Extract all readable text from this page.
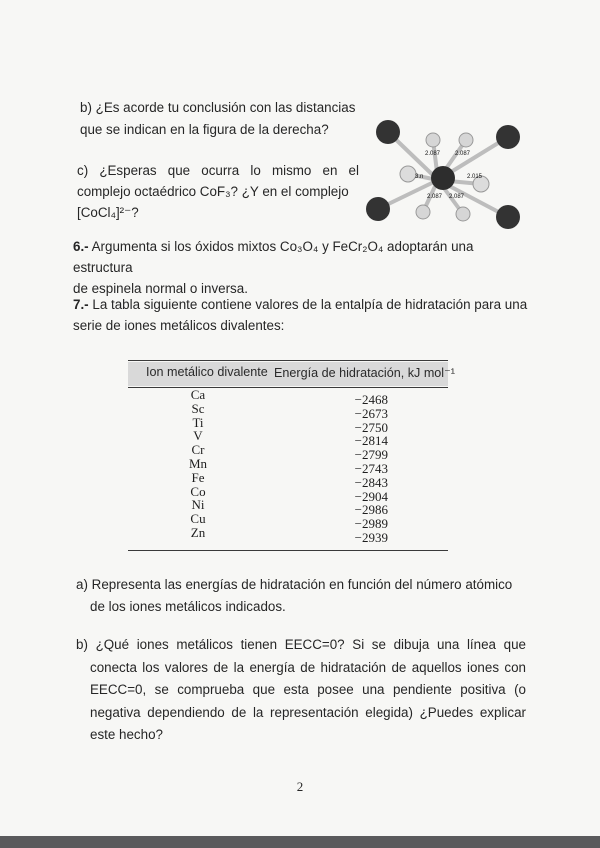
b) ¿Es acorde tu conclusión con las distancias
que se indican en la figura de la derecha?
c) ¿Esperas que ocurra lo mismo en el
complejo octaédrico CoF₃? ¿Y en el complejo
[CoCl₄]²⁻?
2.087 2.087
2.015
2.087 2.087
3.n
6.- Argumenta si los óxidos mixtos Co₃O₄ y FeCr₂O₄ adoptarán una estructura
de espinela normal o inversa.
7.- La tabla siguiente contiene valores de la entalpía de hidratación para una
serie de iones metálicos divalentes:
Ion metálico divalente Energía de hidratación, kJ mol⁻¹
Ca	−2468
Sc	−2673
Ti	−2750
V	−2814
Cr	−2799
Mn	−2743
Fe	−2843
Co	−2904
Ni	−2986
Cu	−2989
Zn	−2939
a) Representa las energías de hidratación en función del número atómico
de los iones metálicos indicados.
b) ¿Qué iones metálicos tienen EECC=0? Si se dibuja una línea que
conecta los valores de la energía de hidratación de aquellos iones con
EECC=0, se comprueba que esta posee una pendiente positiva (o
negativa dependiendo de la representación elegida) ¿Puedes explicar
este hecho?
2
